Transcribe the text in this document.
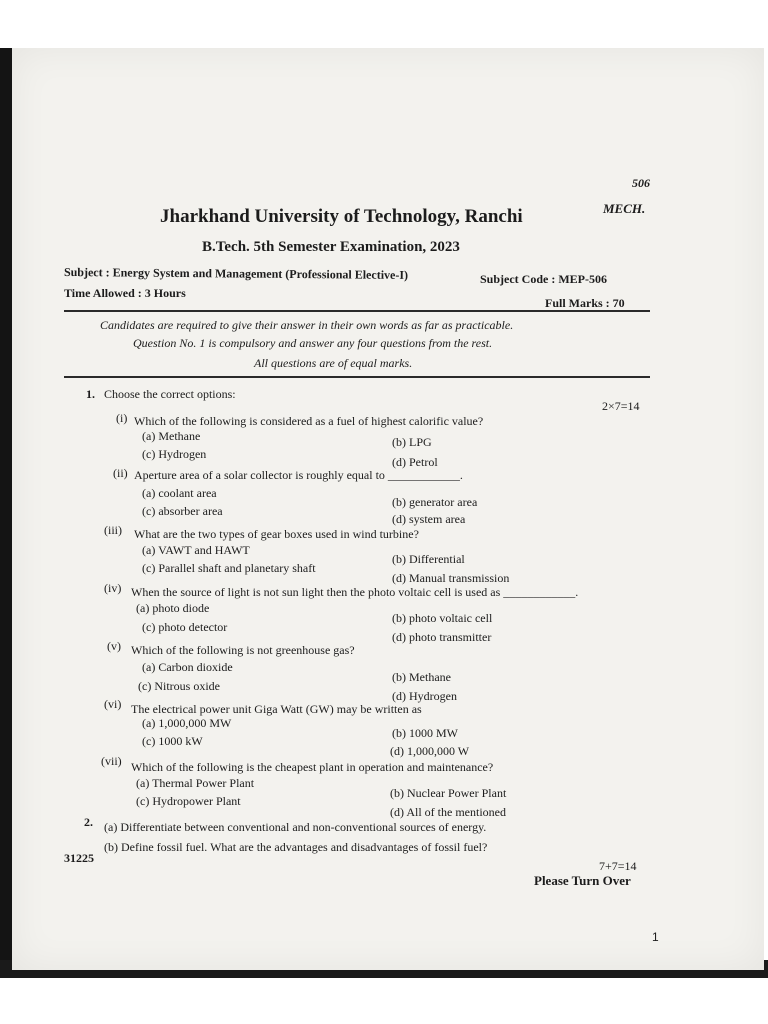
506
MECH.
Jharkhand University of Technology, Ranchi
B.Tech. 5th Semester Examination, 2023
Subject : Energy System and Management (Professional Elective-I)	Subject Code : MEP-506
Time Allowed : 3 Hours
Full Marks : 70
Candidates are required to give their answer in their own words as far as practicable.
Question No. 1 is compulsory and answer any four questions from the rest.
All questions are of equal marks.
1. Choose the correct options:
2×7=14
(i) Which of the following is considered as a fuel of highest calorific value?
(a) Methane	(b) LPG
(c) Hydrogen
(d) Petrol
(ii) Aperture area of a solar collector is roughly equal to ____________.
(a) coolant area
(b) generator area
(c) absorber area
(d) system area
(iii) What are the two types of gear boxes used in wind turbine?
(a) VAWT and HAWT
(b) Differential
(c) Parallel shaft and planetary shaft
(d) Manual transmission
(iv) When the source of light is not sun light then the photo voltaic cell is used as ____________.
(a) photo diode
(b) photo voltaic cell
(c) photo detector
(d) photo transmitter
(v) Which of the following is not greenhouse gas?
(a) Carbon dioxide
(b) Methane
(c) Nitrous oxide
(d) Hydrogen
(vi) The electrical power unit Giga Watt (GW) may be written as
(a) 1,000,000 MW
(b) 1000 MW
(c) 1000 kW
(d) 1,000,000 W
(vii) Which of the following is the cheapest plant in operation and maintenance?
(a) Thermal Power Plant
(b) Nuclear Power Plant
(c) Hydropower Plant
(d) All of the mentioned
2. (a) Differentiate between conventional and non-conventional sources of energy.
(b) Define fossil fuel. What are the advantages and disadvantages of fossil fuel?
7+7=14
31225
Please Turn Over
1
